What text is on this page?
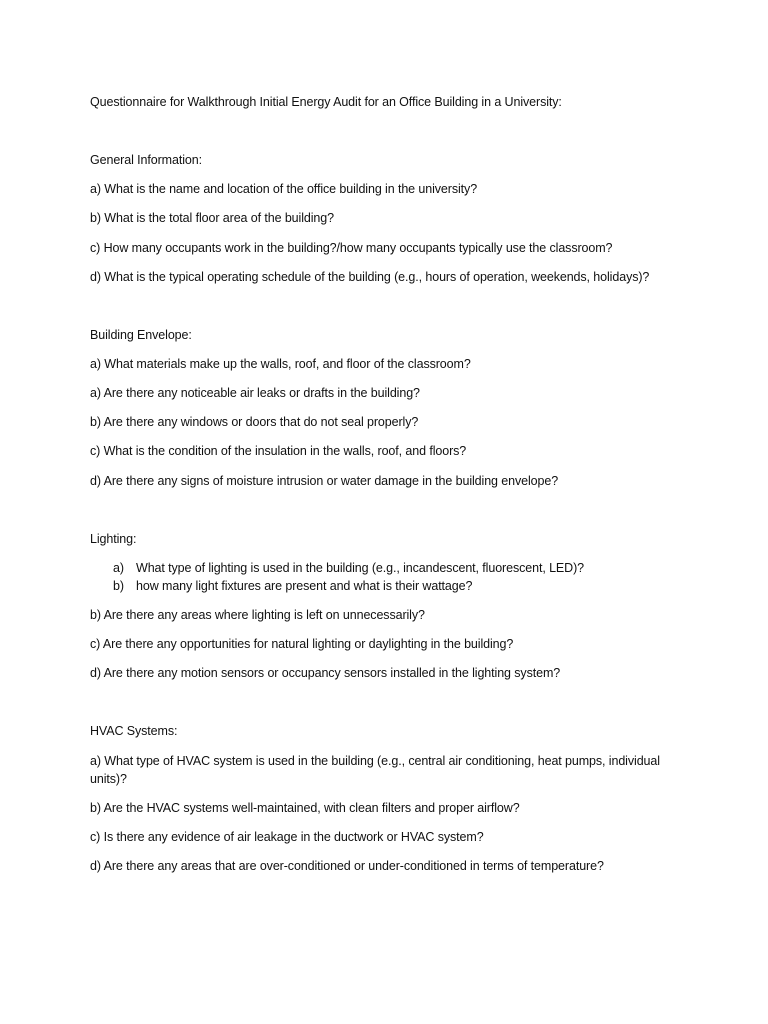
Questionnaire for Walkthrough Initial Energy Audit for an Office Building in a University:
General Information:
a) What is the name and location of the office building in the university?
b) What is the total floor area of the building?
c) How many occupants work in the building?/how many occupants typically use the classroom?
d) What is the typical operating schedule of the building (e.g., hours of operation, weekends, holidays)?
Building Envelope:
a) What materials make up the walls, roof, and floor of the classroom?
a) Are there any noticeable air leaks or drafts in the building?
b) Are there any windows or doors that do not seal properly?
c) What is the condition of the insulation in the walls, roof, and floors?
d) Are there any signs of moisture intrusion or water damage in the building envelope?
Lighting:
a) What type of lighting is used in the building (e.g., incandescent, fluorescent, LED)?
b) how many light fixtures are present and what is their wattage?
b) Are there any areas where lighting is left on unnecessarily?
c) Are there any opportunities for natural lighting or daylighting in the building?
d) Are there any motion sensors or occupancy sensors installed in the lighting system?
HVAC Systems:
a) What type of HVAC system is used in the building (e.g., central air conditioning, heat pumps, individual units)?
b) Are the HVAC systems well-maintained, with clean filters and proper airflow?
c) Is there any evidence of air leakage in the ductwork or HVAC system?
d) Are there any areas that are over-conditioned or under-conditioned in terms of temperature?
